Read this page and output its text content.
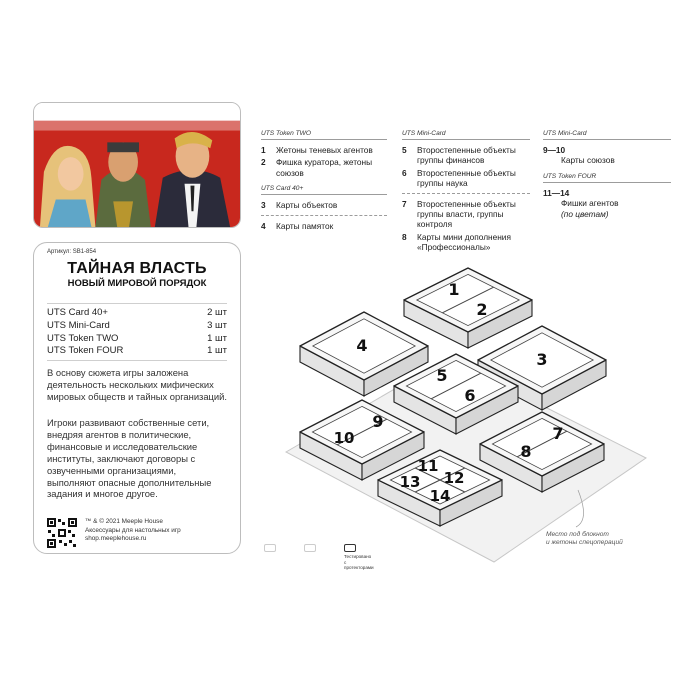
Артикул: SB1-854
ТАЙНАЯ ВЛАСТЬ
НОВЫЙ МИРОВОЙ ПОРЯДОК
UTS Card 40+	2 шт
UTS Mini-Card	3 шт
UTS Token TWO	1 шт
UTS Token FOUR	1 шт
В основу сюжета игры заложена деятельность нескольких мифических мировых обществ и тайных организаций.
Игроки развивают собственные сети, внедряя агентов в политические, финансовые и исследовательские институты, заключают договоры с озвученными организациями, выполняют опасные дополнительные задания и многое другое.
™ & © 2021 Meeple House
Аксессуары для настольных игр
shop.meeplehouse.ru
UTS Token TWO
1	Жетоны теневых агентов
2	Фишка куратора, жетоны союзов
UTS Card 40+
3	Карты объектов
4	Карты памяток
UTS Mini-Card
5	Второстепенные объекты группы финансов
6	Второстепенные объекты группы наука
7	Второстепенные объекты группы власти, группы контроля
8	Карты мини дополнения «Профессионалы»
UTS Mini-Card
9—10
Карты союзов
UTS Token FOUR
11—14
Фишки агентов
(по цветам)
1
2
4
3
5
6
10
9
7
8
11
12
13
14
Место под блокнот
и жетоны спецопераций
Тестировано с протекторами
